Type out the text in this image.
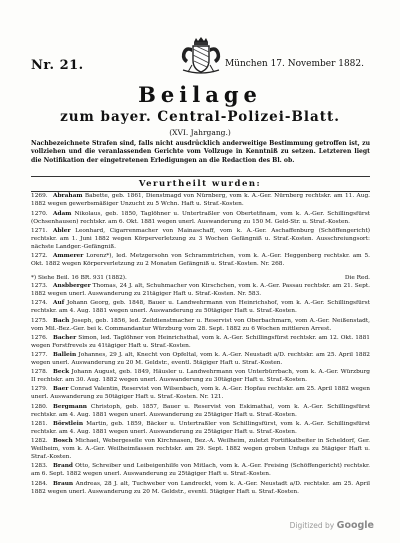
Nr. 21.	München 17. November 1882.
Beilage
zum bayer. Central-Polizei-Blatt.
(XVI. Jahrgang.)
Nachbezeichnete Strafen sind, falls nicht ausdrücklich anderweitige Bestimmung getroffen ist, zu vollziehen und die veranlassenden Gerichte vom Vollzuge in Kenntniß zu setzen. Letzteren liegt die Notifikation der eingetretenen Erledigungen an die Redaction des Bl. ob.
Verurtheilt wurden:
1269. Abraham Babette, geb. 1861, Dienstmagd von Nürnberg, vom k. A.-Ger. Nürnberg rechtskr. am 11. Aug. 1882 wegen gewerbsmäßiger Unzucht zu 5 Wchn. Haft u. Straf.-Kosten.
1270. Adam Nikolaus, geb. 1850, Taglöhner u. Untertraßler von Obertetfinam, vom k. A.-Ger. Schillingsfürst (Ochsenhausen) rechtskr. am 6. Okt. 1881 wegen unerl. Auswanderung zu 150 M. Geld-Str. u. Straf.-Kosten.
1271. Abler Leonhard, Cigarrenmacher von Mainaschaff, vom k. A.-Ger. Aschaffenburg (Schöffengericht) rechtskr. am 1. Juni 1882 wegen Körperverletzung zu 3 Wochen Gefängniß u. Straf.-Kosten. Ausschreiungsort: nächste Landger.-Gefängniß.
1272. Ammerer Lorenz*), led. Metzgersohn von Schrammtrichen, vom k. A.-Ger. Heggenberg rechtskr. am 5. Okt. 1882 wegen Körperverletzung zu 2 Monaten Gefängniß u. Straf.-Kosten. Nr. 268.
*) Siehe Beil. 16 BR. 931 (1882).	Die Red.
1273. Ansbberger Thomas, 24 J. alt, Schuhmacher von Kirschchen, vom k. A.-Ger. Passau rechtskr. am 21. Sept. 1882 wegen unerl. Auswanderung zu 21tägiger Haft u. Straf.-Kosten. Nr. 583.
1274. Auf Johann Georg, geb. 1848, Bauer u. Landwehrmann von Heinrichshof, vom k. A.-Ger. Schillingsfürst rechtskr. am 4. Aug. 1881 wegen unerl. Auswanderung zu 50tägiger Haft u. Straf.-Kosten.
1275. Bach Joseph, geb. 1856, led. Zeitdienstmacher u. Reservist von Oberbachmarn, vom A.-Ger. Neißenstadt, vom Mil.-Bez.-Ger. bei k. Commandantur Würzburg vom 28. Sept. 1882 zu 6 Wochen mittleren Arrest.
1276. Bacher Simon, led. Taglöhner von Heinrichsthal, vom k. A.-Ger. Schillingsfürst rechtskr. am 12. Okt. 1881 wegen Forstfrevels zu 41tägiger Haft u. Straf.-Kosten.
1277. Ballein Johannes, 29 J. alt, Knecht von Opfeltal, vom k. A.-Ger. Neustadt a/D. rechtskr. am 25. April 1882 wegen unerl. Auswanderung zu 20 M. Geldstr., eventl. 5tägiger Haft u. Straf.-Kosten.
1278. Beck Johann August, geb. 1849, Häusler u. Landwehrmann von Unterbürrbach, vom k. A.-Ger. Würzburg II rechtskr. am 30. Aug. 1882 wegen unerl. Auswanderung zu 30tägiger Haft u. Straf.-Kosten.
1279. Baer Conrad Valentin, Reservist von Wilsenbach, vom k. A.-Ger. Hopfau rechtskr. am 25. April 1882 wegen unerl. Auswanderung zu 50tägiger Haft u. Straf.-Kosten. Nr. 121.
1280. Bergmann Christoph, geb. 1857, Bauer u. Reservist von Eskimathal, vom k. A.-Ger. Schillingsfürst rechtskr. am 4. Aug. 1881 wegen unerl. Auswanderung zu 25tägiger Haft u. Straf.-Kosten.
1281. Börstlein Martin, geb. 1859, Bäcker u. Untertraßler von Schillingsfürst, vom k. A.-Ger. Schillingsfürst rechtskr. am 4. Aug. 1881 wegen unerl. Auswanderung zu 25tägiger Haft u. Straf.-Kosten.
1282. Bosch Michael, Webergeselle von Kirchnasen, Bez.-A. Weilheim, zuletzt Fortifikatbeiter in Scheldorf, Ger. Weilheim, vom k. A.-Ger. Weilheimfassen rechtskr. am 29. Sept. 1882 wegen groben Unfugs zu 5tägiger Haft u. Straf.-Kosten.
1283. Brand Otto, Schreiber und Leibeigenhilfe von Mitlach, vom k. A.-Ger. Freising (Schöffengericht) rechtskr. am 6. Sept. 1882 wegen unerl. Auswanderung zu 25tägiger Haft u. Straf.-Kosten.
1284. Braun Andreas, 28 J. alt, Tuchweber von Landreckt, vom k. A.-Ger. Neustadt a/D. rechtskr. am 25. April 1882 wegen unerl. Auswanderung zu 20 M. Geldstr., eventl. 5tägiger Haft u. Straf.-Kosten.
Digitized by Google
